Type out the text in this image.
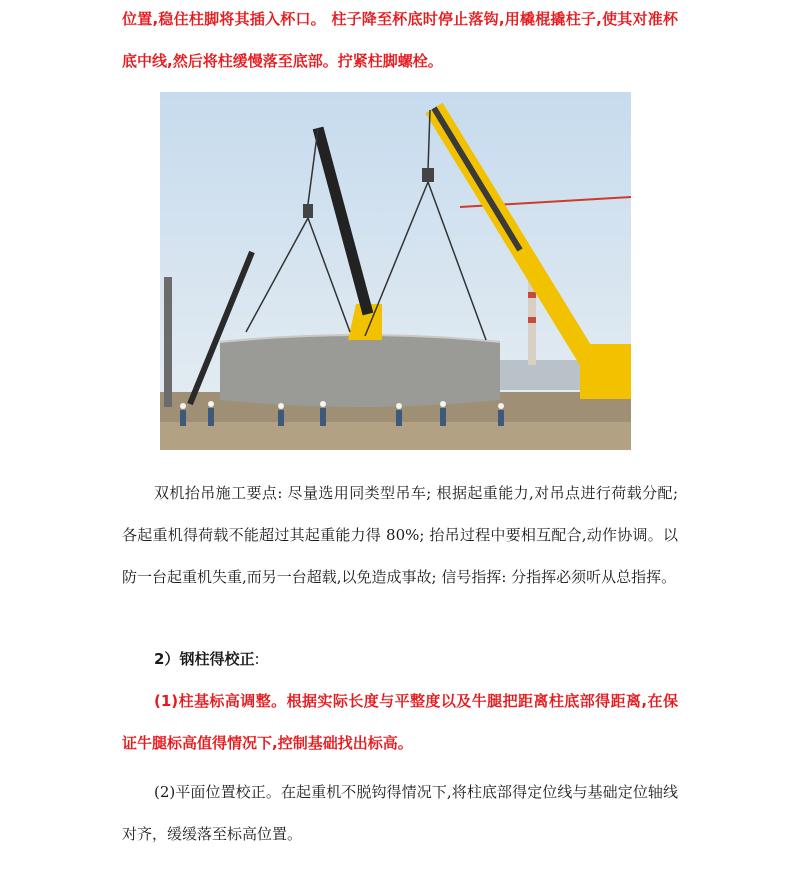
位置,稳住柱脚将其插入杯口。 柱子降至杯底时停止落钩,用橇棍撬柱子,使其对准杯底中线,然后将柱缓慢落至底部。拧紧柱脚螺栓。

双机抬吊施工要点: 尽量选用同类型吊车; 根据起重能力,对吊点进行荷载分配; 各起重机得荷载不能超过其起重能力得 80%; 抬吊过程中要相互配合,动作协调。以防一台起重机失重,而另一台超载,以免造成事故; 信号指挥: 分指挥必须听从总指挥。

2）钢柱得校正:

(1)柱基标高调整。根据实际长度与平整度以及牛腿把距离柱底部得距离,在保证牛腿标高值得情况下,控制基础找出标高。

(2)平面位置校正。在起重机不脱钩得情况下,将柱底部得定位线与基础定位轴线对齐，缓缓落至标高位置。
